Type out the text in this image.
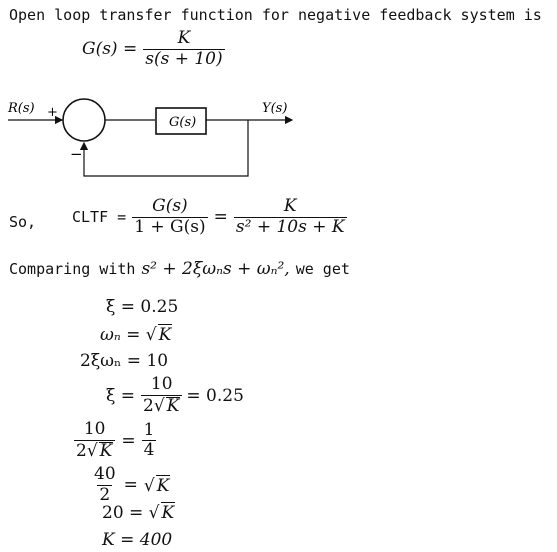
Open loop transfer function for negative feedback system is
$G(s) = \frac{K}{s(s + 10)}$
R(s) +
G(s)
Y(s)
−
So, CLTF = $\frac{G(s)}{1 + G(s)} = \frac{K}{\text{s² + 10s + K}}$
Comparing with s² + 2ξωₙs + ωₙ², we get
ξ = 0.25
ωₙ = √ K
2ξωₙ = 10
$\xi = \frac{10}{2√ K} = 0.25$
$\frac{10}{2√ K} = \frac{1}{4}$
$\frac{40}{2}$ = √ K
20 = √ K
K = 400
